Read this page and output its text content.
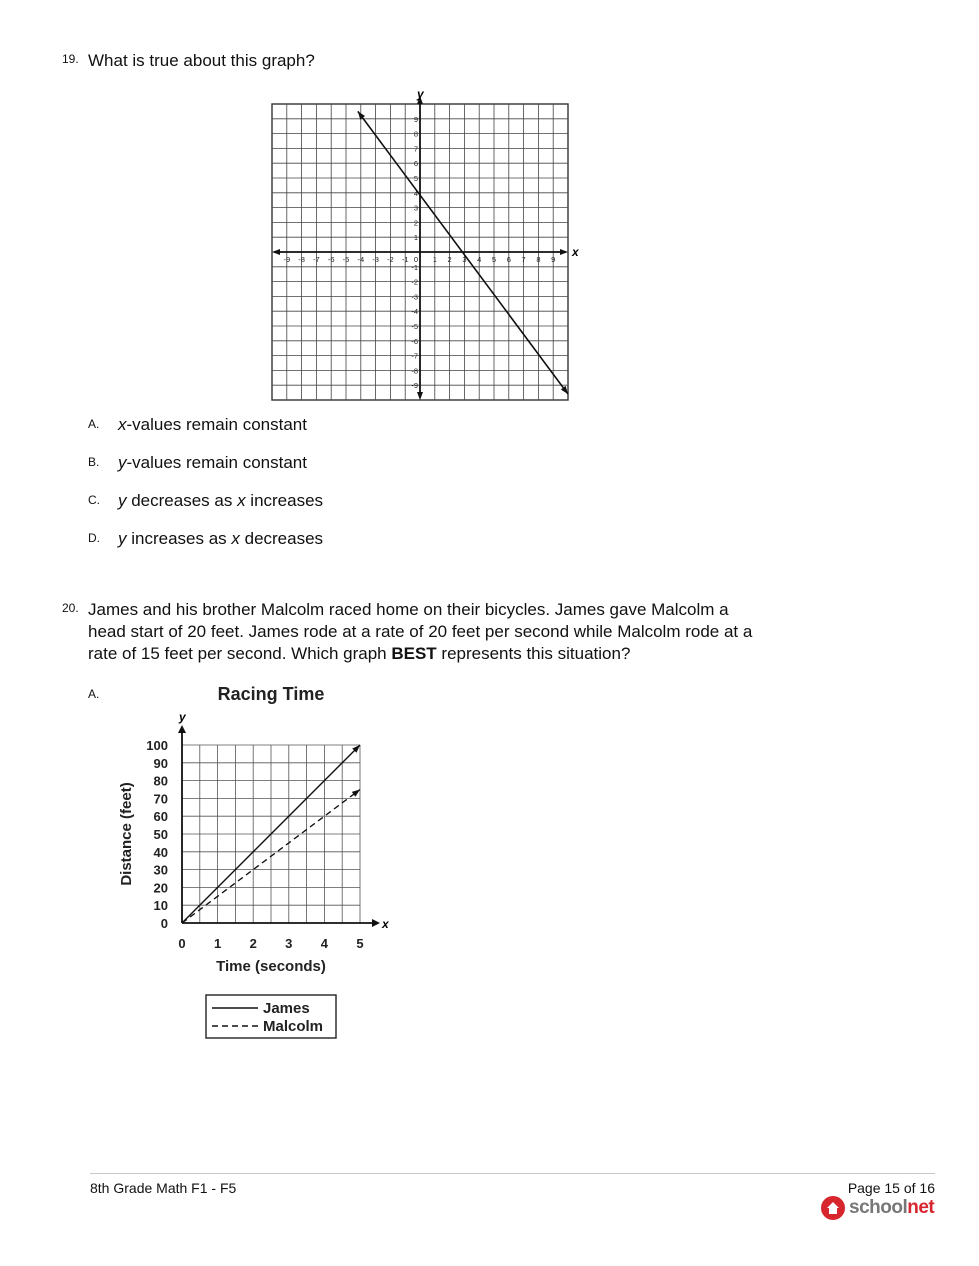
19. What is true about this graph?
x
y
-9 -8 -7 -6 -5 -4 -3 -2 -1 0 1 2 3 4 5 6 7 8 9
9
8
7
6
5
4
3
2
1
-1
-2
-3
-4
-5
-6
-7
-8
-9
A. x-values remain constant
B. y-values remain constant
C. y decreases as x increases
D. y increases as x decreases
20. James and his brother Malcolm raced home on their bicycles. James gave Malcolm a
head start of 20 feet. James rode at a rate of 20 feet per second while Malcolm rode at a
rate of 15 feet per second. Which graph BEST represents this situation?
A.	Racing Time
x
y
0
10
20
30
40
50
60
70
80
90
100
0 1 2 3 4 5
Time (seconds)
Distance (feet)
James
Malcolm
8th Grade Math F1 - F5	Page 15 of 16
schoolnet
